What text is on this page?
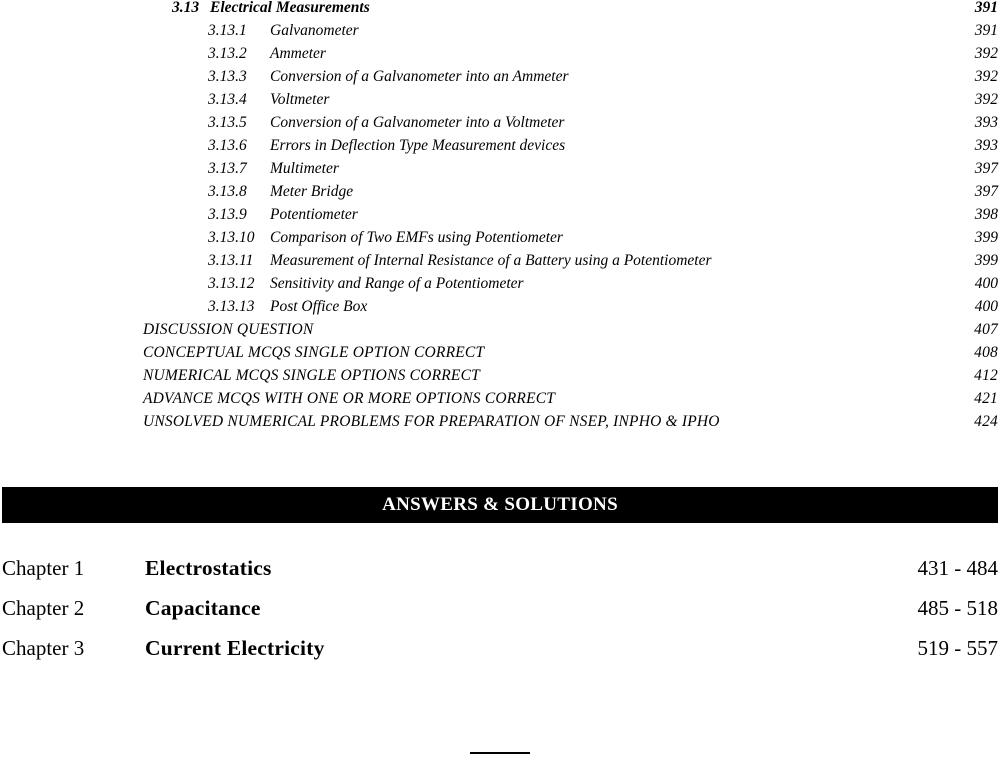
3.13 Electrical Measurements	391
3.13.1	Galvanometer	391
3.13.2	Ammeter	392
3.13.3	Conversion of a Galvanometer into an Ammeter	392
3.13.4	Voltmeter	392
3.13.5	Conversion of a Galvanometer into a Voltmeter	393
3.13.6	Errors in Deflection Type Measurement devices	393
3.13.7	Multimeter	397
3.13.8	Meter Bridge	397
3.13.9	Potentiometer	398
3.13.10	Comparison of Two EMFs using Potentiometer	399
3.13.11	Measurement of Internal Resistance of a Battery using a Potentiometer	399
3.13.12	Sensitivity and Range of a Potentiometer	400
3.13.13	Post Office Box	400
DISCUSSION QUESTION	407
CONCEPTUAL MCQS SINGLE OPTION CORRECT	408
NUMERICAL MCQS SINGLE OPTIONS CORRECT	412
ADVANCE MCQS WITH ONE OR MORE OPTIONS CORRECT	421
UNSOLVED NUMERICAL PROBLEMS FOR PREPARATION OF NSEP, INPHO & IPHO	424
ANSWERS & SOLUTIONS
Chapter 1	Electrostatics	431 - 484
Chapter 2	Capacitance	485 - 518
Chapter 3	Current Electricity	519 - 557
